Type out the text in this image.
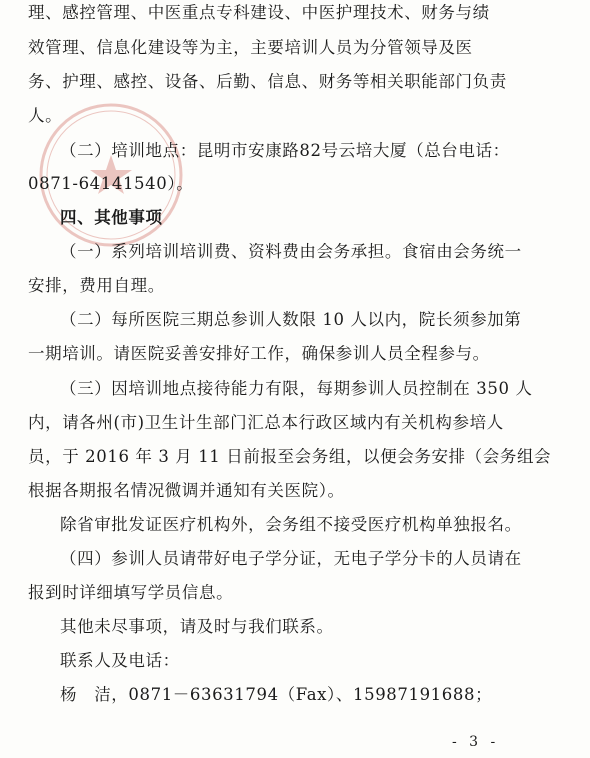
理、感控管理、中医重点专科建设、中医护理技术、财务与绩
效管理、信息化建设等为主，主要培训人员为分管领导及医
务、护理、感控、设备、后勤、信息、财务等相关职能部门负责
人。
（二）培训地点：昆明市安康路82号云培大厦（总台电话：
0871-64141540）。
四、其他事项
（一）系列培训培训费、资料费由会务承担。食宿由会务统一
安排，费用自理。
（二）每所医院三期总参训人数限 10 人以内，院长须参加第
一期培训。请医院妥善安排好工作，确保参训人员全程参与。
（三）因培训地点接待能力有限，每期参训人员控制在 350 人
内，请各州(市)卫生计生部门汇总本行政区域内有关机构参培人
员，于 2016 年 3 月 11 日前报至会务组，以便会务安排（会务组会
根据各期报名情况微调并通知有关医院）。
除省审批发证医疗机构外，会务组不接受医疗机构单独报名。
（四）参训人员请带好电子学分证，无电子学分卡的人员请在
报到时详细填写学员信息。
其他未尽事项，请及时与我们联系。
联系人及电话：
杨　洁，0871－63631794（Fax）、15987191688；
- 3 -
